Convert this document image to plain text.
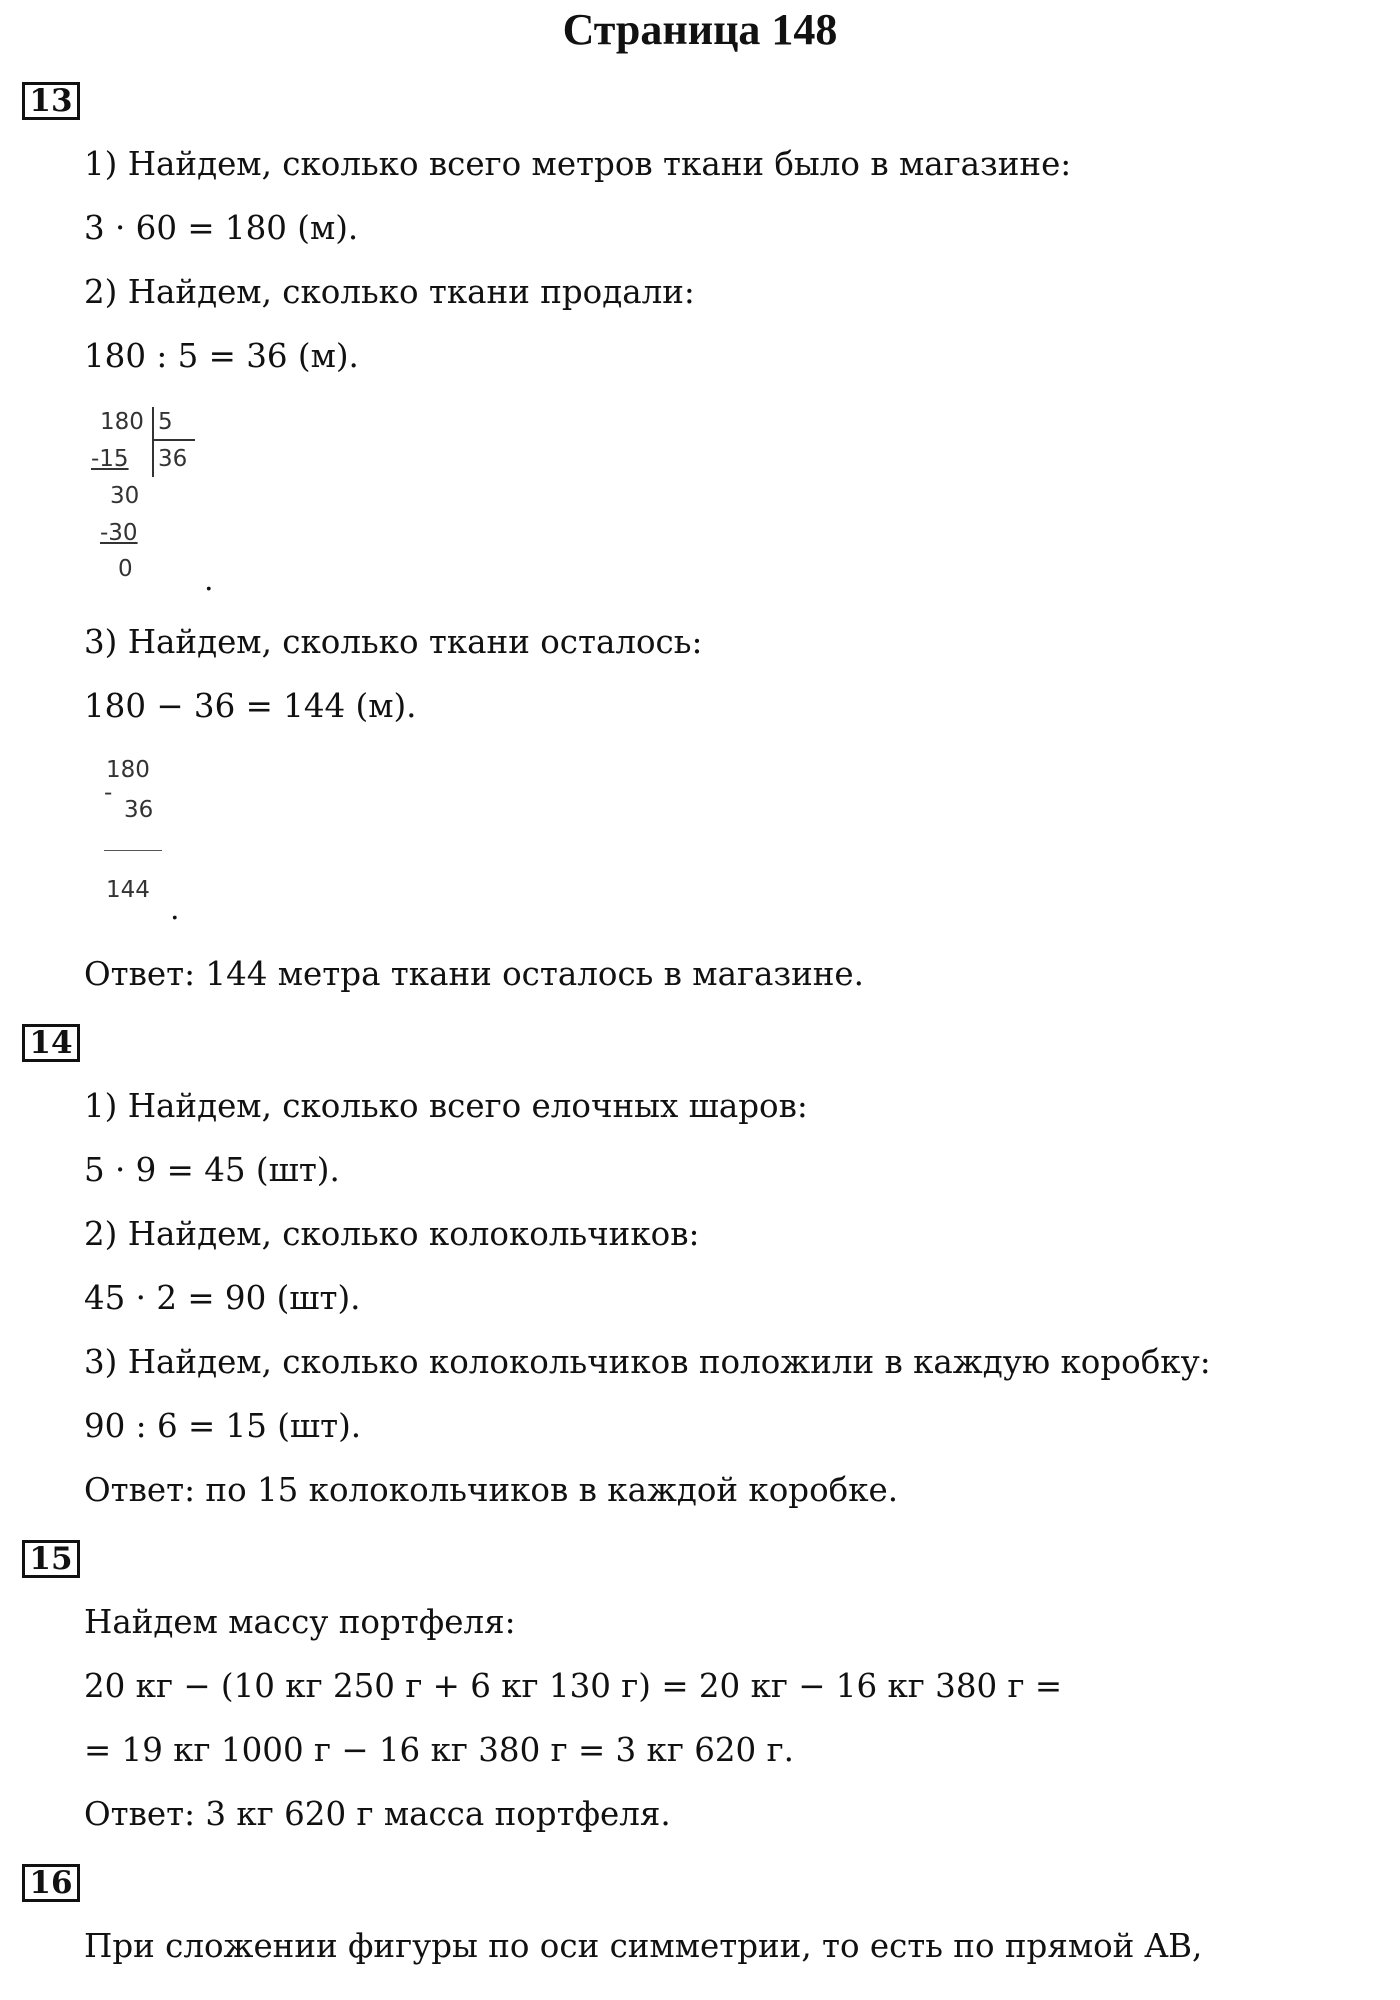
Страница 148
13
1) Найдем, сколько всего метров ткани было в магазине:
3 · 60 = 180 (м).
2) Найдем, сколько ткани продали:
180 : 5 = 36 (м).
180 5
36
-15
30
-30
0 .
3) Найдем, сколько ткани осталось:
180 − 36 = 144 (м).
180
-
36
144
.
Ответ: 144 метра ткани осталось в магазине.
14
1) Найдем, сколько всего елочных шаров:
5 · 9 = 45 (шт).
2) Найдем, сколько колокольчиков:
45 · 2 = 90 (шт).
3) Найдем, сколько колокольчиков положили в каждую коробку:
90 : 6 = 15 (шт).
Ответ: по 15 колокольчиков в каждой коробке.
15
Найдем массу портфеля:
20 кг − (10 кг 250 г + 6 кг 130 г) = 20 кг − 16 кг 380 г =
= 19 кг 1000 г − 16 кг 380 г = 3 кг 620 г.
Ответ: 3 кг 620 г масса портфеля.
16
При сложении фигуры по оси симметрии, то есть по прямой AB,
